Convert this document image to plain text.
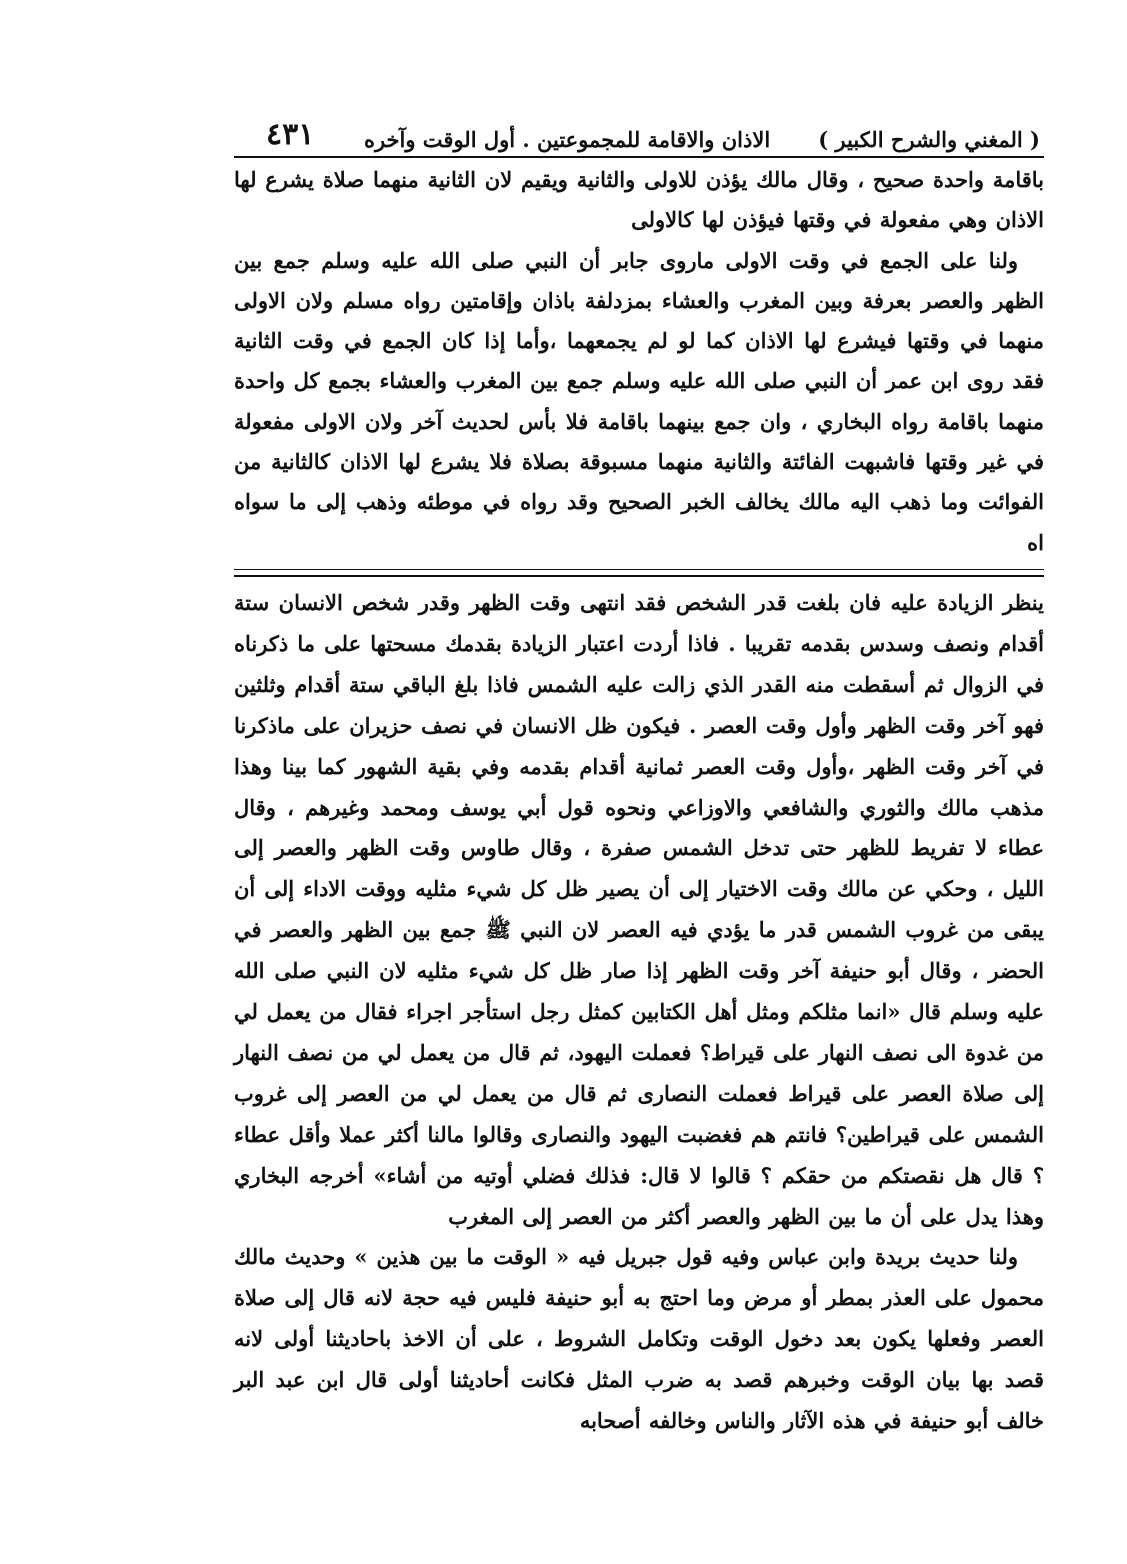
( المغني والشرح الكبير )
الاذان والاقامة للمجموعتين . أول الوقت وآخره
٤٣١

باقامة واحدة صحيح ، وقال مالك يؤذن للاولى والثانية ويقيم لان الثانية منهما صلاة يشرع لها الاذان وهي مفعولة في وقتها فيؤذن لها كالاولى

ولنا على الجمع في وقت الاولى ماروى جابر أن النبي صلى الله عليه وسلم جمع بين الظهر والعصر بعرفة وبين المغرب والعشاء بمزدلفة باذان وإقامتين رواه مسلم ولان الاولى منهما في وقتها فيشرع لها الاذان كما لو لم يجمعهما ،وأما إذا كان الجمع في وقت الثانية فقد روى ابن عمر أن النبي صلى الله عليه وسلم جمع بين المغرب والعشاء بجمع كل واحدة منهما باقامة رواه البخاري ، وان جمع بينهما باقامة فلا بأس لحديث آخر ولان الاولى مفعولة في غير وقتها فاشبهت الفائتة والثانية منهما مسبوقة بصلاة فلا يشرع لها الاذان كالثانية من الفوائت وما ذهب اليه مالك يخالف الخبر الصحيح وقد رواه في موطئه وذهب إلى ما سواه اه

ينظر الزيادة عليه فان بلغت قدر الشخص فقد انتهى وقت الظهر وقدر شخص الانسان ستة أقدام ونصف وسدس بقدمه تقريبا . فاذا أردت اعتبار الزيادة بقدمك مسحتها على ما ذكرناه في الزوال ثم أسقطت منه القدر الذي زالت عليه الشمس فاذا بلغ الباقي ستة أقدام وثلثين فهو آخر وقت الظهر وأول وقت العصر . فيكون ظل الانسان في نصف حزيران على ماذكرنا في آخر وقت الظهر ،وأول وقت العصر ثمانية أقدام بقدمه وفي بقية الشهور كما بينا وهذا مذهب مالك والثوري والشافعي والاوزاعي ونحوه قول أبي يوسف ومحمد وغيرهم ، وقال عطاء لا تفريط للظهر حتى تدخل الشمس صفرة ، وقال طاوس وقت الظهر والعصر إلى الليل ، وحكي عن مالك وقت الاختيار إلى أن يصير ظل كل شيء مثليه ووقت الاداء إلى أن يبقى من غروب الشمس قدر ما يؤدي فيه العصر لان النبي ﷺ جمع بين الظهر والعصر في الحضر ، وقال أبو حنيفة آخر وقت الظهر إذا صار ظل كل شيء مثليه لان النبي صلى الله عليه وسلم قال «انما مثلكم ومثل أهل الكتابين كمثل رجل استأجر اجراء فقال من يعمل لي من غدوة الى نصف النهار على قيراط؟ فعملت اليهود، ثم قال من يعمل لي من نصف النهار إلى صلاة العصر على قيراط فعملت النصارى ثم قال من يعمل لي من العصر إلى غروب الشمس على قيراطين؟ فانتم هم فغضبت اليهود والنصارى وقالوا مالنا أكثر عملا وأقل عطاء ؟ قال هل نقصتكم من حقكم ؟ قالوا لا قال: فذلك فضلي أوتيه من أشاء» أخرجه البخاري وهذا يدل على أن ما بين الظهر والعصر أكثر من العصر إلى المغرب

ولنا حديث بريدة وابن عباس وفيه قول جبريل فيه « الوقت ما بين هذين » وحديث مالك محمول على العذر بمطر أو مرض وما احتج به أبو حنيفة فليس فيه حجة لانه قال إلى صلاة العصر وفعلها يكون بعد دخول الوقت وتكامل الشروط ، على أن الاخذ باحاديثنا أولى لانه قصد بها بيان الوقت وخبرهم قصد به ضرب المثل فكانت أحاديثنا أولى قال ابن عبد البر خالف أبو حنيفة في هذه الآثار والناس وخالفه أصحابه
